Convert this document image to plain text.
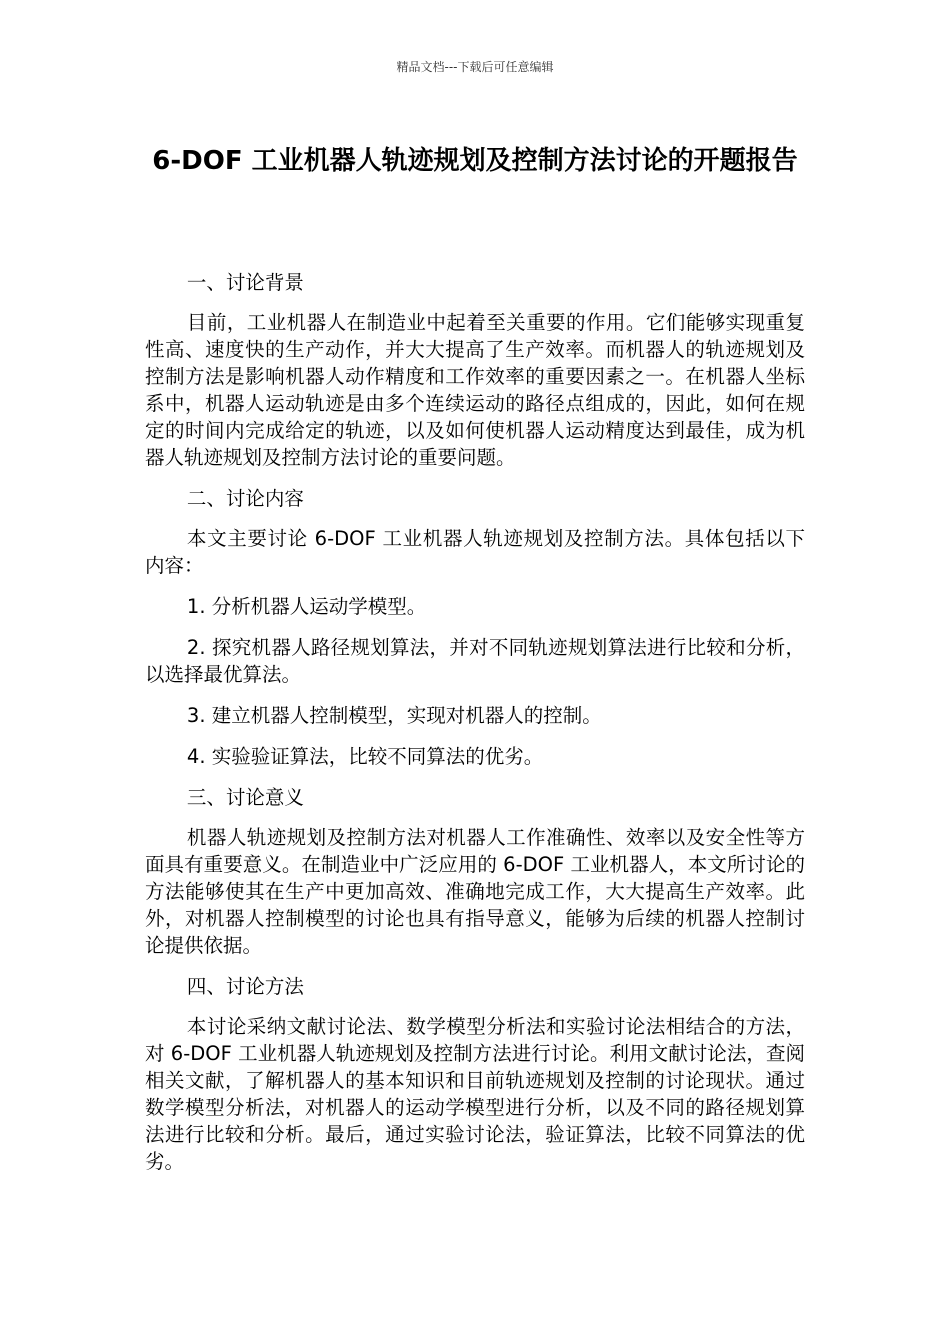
精品文档---下载后可任意编辑
6-DOF 工业机器人轨迹规划及控制方法讨论的开题报告

一、讨论背景

目前，工业机器人在制造业中起着至关重要的作用。它们能够实现重复性高、速度快的生产动作，并大大提高了生产效率。而机器人的轨迹规划及控制方法是影响机器人动作精度和工作效率的重要因素之一。在机器人坐标系中，机器人运动轨迹是由多个连续运动的路径点组成的，因此，如何在规定的时间内完成给定的轨迹，以及如何使机器人运动精度达到最佳，成为机器人轨迹规划及控制方法讨论的重要问题。

二、讨论内容

本文主要讨论 6-DOF 工业机器人轨迹规划及控制方法。具体包括以下内容：

1. 分析机器人运动学模型。

2. 探究机器人路径规划算法，并对不同轨迹规划算法进行比较和分析，以选择最优算法。

3. 建立机器人控制模型，实现对机器人的控制。

4. 实验验证算法，比较不同算法的优劣。

三、讨论意义

机器人轨迹规划及控制方法对机器人工作准确性、效率以及安全性等方面具有重要意义。在制造业中广泛应用的 6-DOF 工业机器人，本文所讨论的方法能够使其在生产中更加高效、准确地完成工作，大大提高生产效率。此外，对机器人控制模型的讨论也具有指导意义，能够为后续的机器人控制讨论提供依据。

四、讨论方法

本讨论采纳文献讨论法、数学模型分析法和实验讨论法相结合的方法，对 6-DOF 工业机器人轨迹规划及控制方法进行讨论。利用文献讨论法，查阅相关文献，了解机器人的基本知识和目前轨迹规划及控制的讨论现状。通过数学模型分析法，对机器人的运动学模型进行分析，以及不同的路径规划算法进行比较和分析。最后，通过实验讨论法，验证算法，比较不同算法的优劣。
